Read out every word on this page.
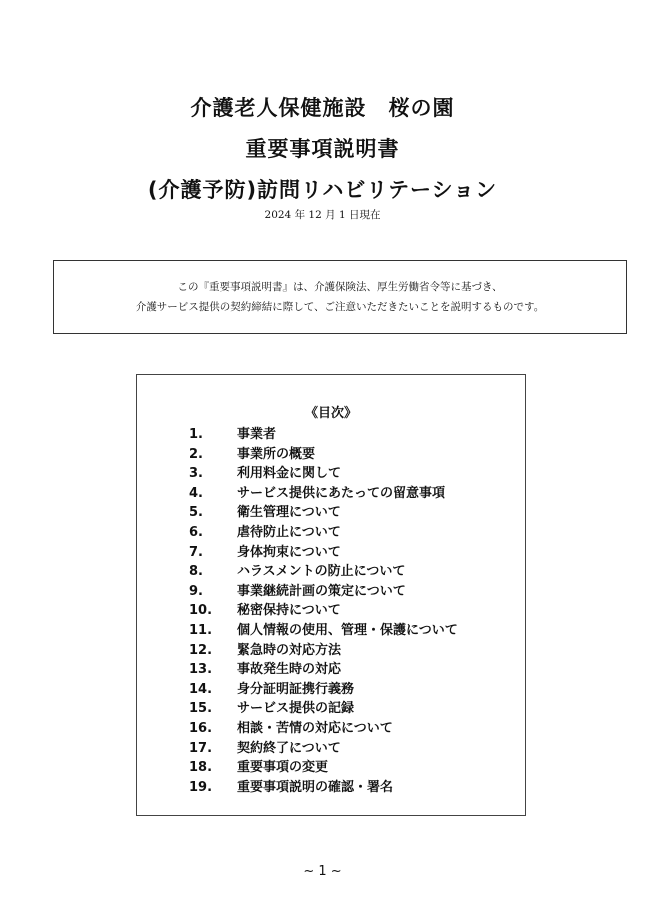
介護老人保健施設　桜の園
重要事項説明書
(介護予防)訪問リハビリテーション
2024 年 12 月 1 日現在
この『重要事項説明書』は、介護保険法、厚生労働省令等に基づき、
介護サービス提供の契約締結に際して、ご注意いただきたいことを説明するものです。
《目次》
1.	事業者
2.	事業所の概要
3.	利用料金に関して
4.	サービス提供にあたっての留意事項
5.	衛生管理について
6.	虐待防止について
7.	身体拘束について
8.	ハラスメントの防止について
9.	事業継続計画の策定について
10. 秘密保持について
11. 個人情報の使用、管理・保護について
12. 緊急時の対応方法
13. 事故発生時の対応
14. 身分証明証携行義務
15. サービス提供の記録
16. 相談・苦情の対応について
17. 契約終了について
18. 重要事項の変更
19. 重要事項説明の確認・署名
~ 1 ~
